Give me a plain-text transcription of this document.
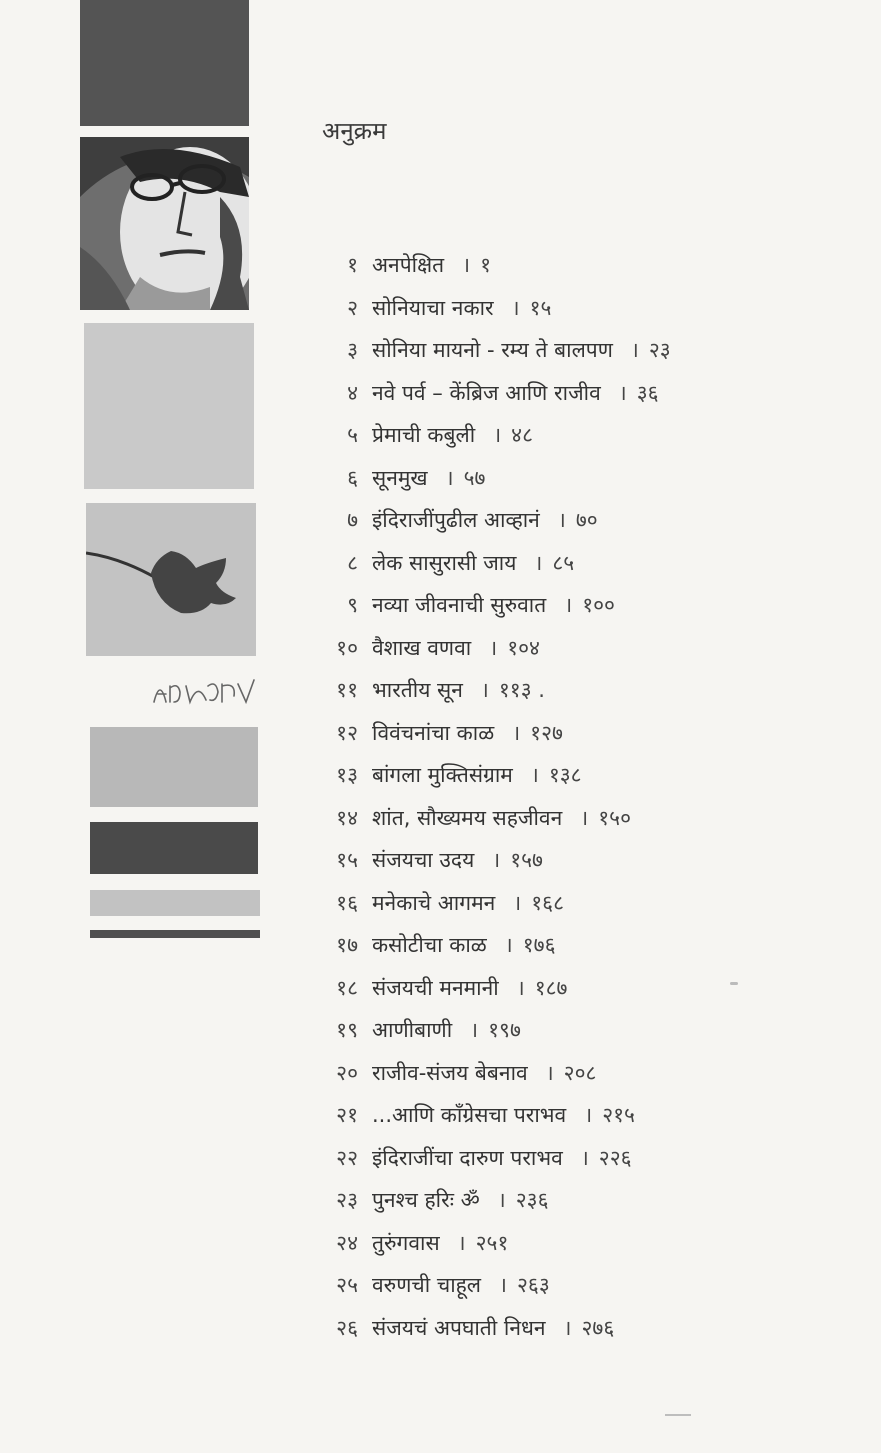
अनुक्रम
१ अनपेक्षित । १
२ सोनियाचा नकार । १५
३ सोनिया मायनो - रम्य ते बालपण । २३
४ नवे पर्व – केंब्रिज आणि राजीव । ३६
५ प्रेमाची कबुली । ४८
६ सूनमुख । ५७
७ इंदिराजींपुढील आव्हानं । ७०
८ लेक सासुरासी जाय । ८५
९ नव्या जीवनाची सुरुवात । १००
१० वैशाख वणवा । १०४
११ भारतीय सून । ११३ .
१२ विवंचनांचा काळ । १२७
१३ बांगला मुक्तिसंग्राम । १३८
१४ शांत, सौख्यमय सहजीवन । १५०
१५ संजयचा उदय । १५७
१६ मनेकाचे आगमन । १६८
१७ कसोटीचा काळ । १७६
१८ संजयची मनमानी । १८७
१९ आणीबाणी । १९७
२० राजीव-संजय बेबनाव । २०८
२१ ...आणि काँग्रेसचा पराभव । २१५
२२ इंदिराजींचा दारुण पराभव । २२६
२३ पुनश्च हरिः ॐ । २३६
२४ तुरुंगवास । २५१
२५ वरुणची चाहूल । २६३
२६ संजयचं अपघाती निधन । २७६
